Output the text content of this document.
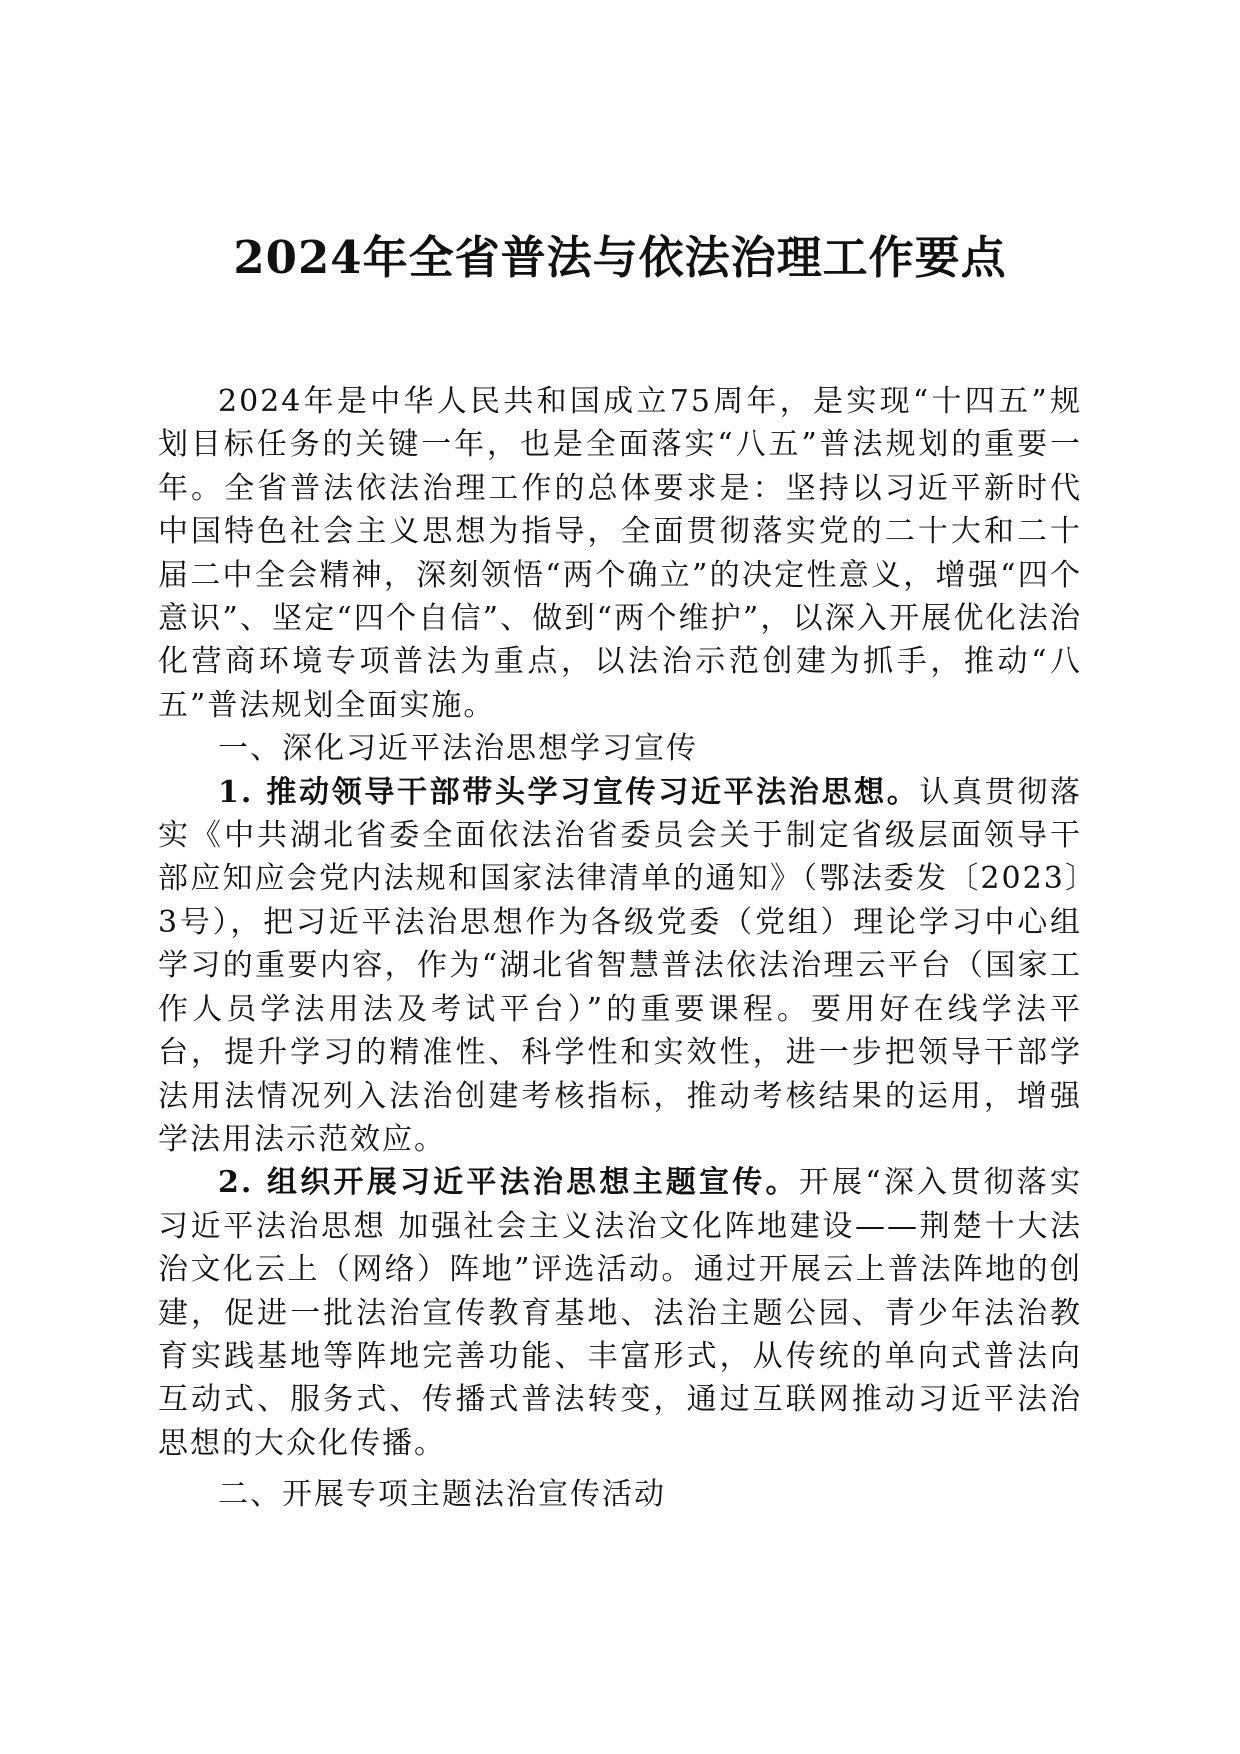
2024年全省普法与依法治理工作要点

2024年是中华人民共和国成立75周年，是实现“十四五”规划目标任务的关键一年，也是全面落实“八五”普法规划的重要一年。全省普法依法治理工作的总体要求是：坚持以习近平新时代中国特色社会主义思想为指导，全面贯彻落实党的二十大和二十届二中全会精神，深刻领悟“两个确立”的决定性意义，增强“四个意识”、坚定“四个自信”、做到“两个维护”，以深入开展优化法治化营商环境专项普法为重点，以法治示范创建为抓手，推动“八五”普法规划全面实施。

一、深化习近平法治思想学习宣传

1. 推动领导干部带头学习宣传习近平法治思想。认真贯彻落实《中共湖北省委全面依法治省委员会关于制定省级层面领导干部应知应会党内法规和国家法律清单的通知》（鄂法委发〔2023〕3号），把习近平法治思想作为各级党委（党组）理论学习中心组学习的重要内容，作为“湖北省智慧普法依法治理云平台（国家工作人员学法用法及考试平台）”的重要课程。要用好在线学法平台，提升学习的精准性、科学性和实效性，进一步把领导干部学法用法情况列入法治创建考核指标，推动考核结果的运用，增强学法用法示范效应。

2. 组织开展习近平法治思想主题宣传。开展“深入贯彻落实习近平法治思想 加强社会主义法治文化阵地建设——荆楚十大法治文化云上（网络）阵地”评选活动。通过开展云上普法阵地的创建，促进一批法治宣传教育基地、法治主题公园、青少年法治教育实践基地等阵地完善功能、丰富形式，从传统的单向式普法向互动式、服务式、传播式普法转变，通过互联网推动习近平法治思想的大众化传播。

二、开展专项主题法治宣传活动
